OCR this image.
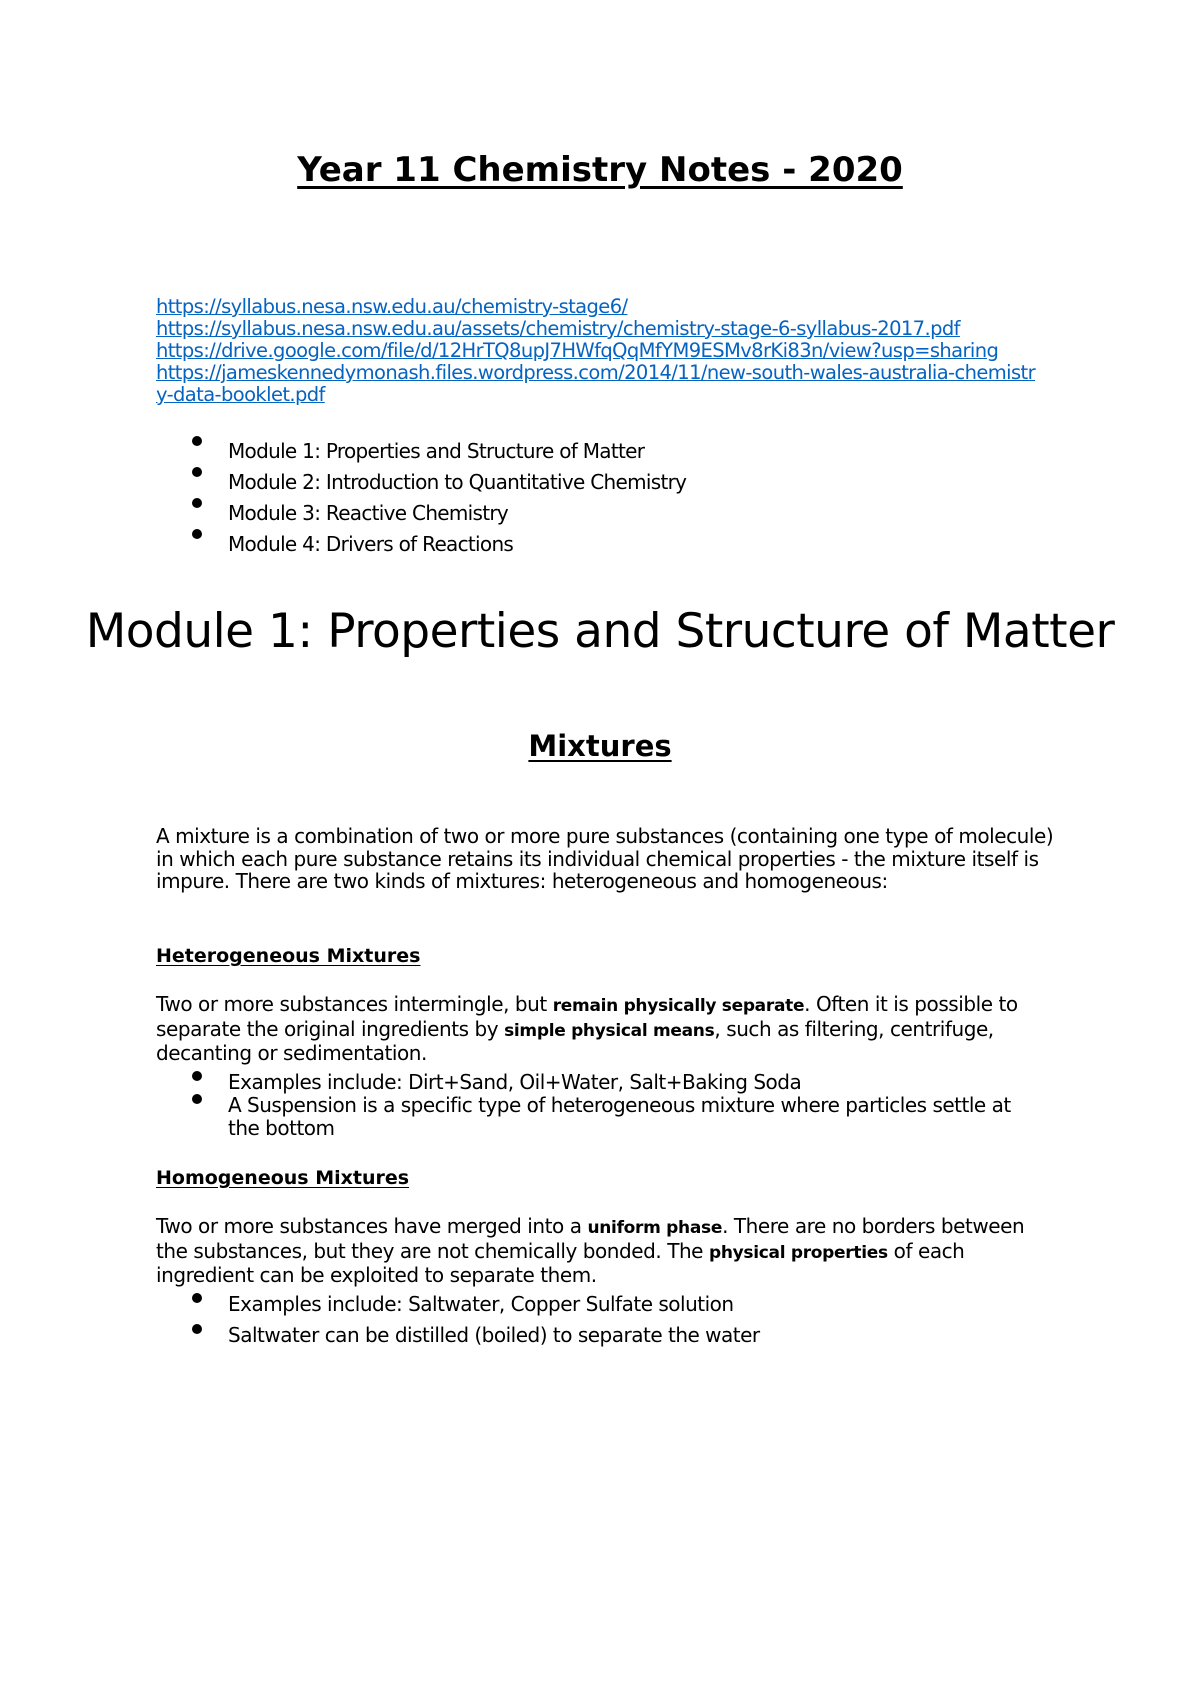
Year 11 Chemistry Notes - 2020
https://syllabus.nesa.nsw.edu.au/chemistry-stage6/
https://syllabus.nesa.nsw.edu.au/assets/chemistry/chemistry-stage-6-syllabus-2017.pdf
https://drive.google.com/file/d/12HrTQ8upJ7HWfqQqMfYM9ESMv8rKi83n/view?usp=sharing
https://jameskennedymonash.files.wordpress.com/2014/11/new-south-wales-australia-chemistry-data-booklet.pdf
Module 1: Properties and Structure of Matter
Module 2: Introduction to Quantitative Chemistry
Module 3: Reactive Chemistry
Module 4: Drivers of Reactions
Module 1: Properties and Structure of Matter
Mixtures
A mixture is a combination of two or more pure substances (containing one type of molecule) in which each pure substance retains its individual chemical properties - the mixture itself is impure. There are two kinds of mixtures: heterogeneous and homogeneous:
Heterogeneous Mixtures
Two or more substances intermingle, but remain physically separate. Often it is possible to separate the original ingredients by simple physical means, such as filtering, centrifuge, decanting or sedimentation.
Examples include: Dirt+Sand, Oil+Water, Salt+Baking Soda
A Suspension is a specific type of heterogeneous mixture where particles settle at the bottom
Homogeneous Mixtures
Two or more substances have merged into a uniform phase. There are no borders between the substances, but they are not chemically bonded. The physical properties of each ingredient can be exploited to separate them.
Examples include: Saltwater, Copper Sulfate solution
Saltwater can be distilled (boiled) to separate the water
